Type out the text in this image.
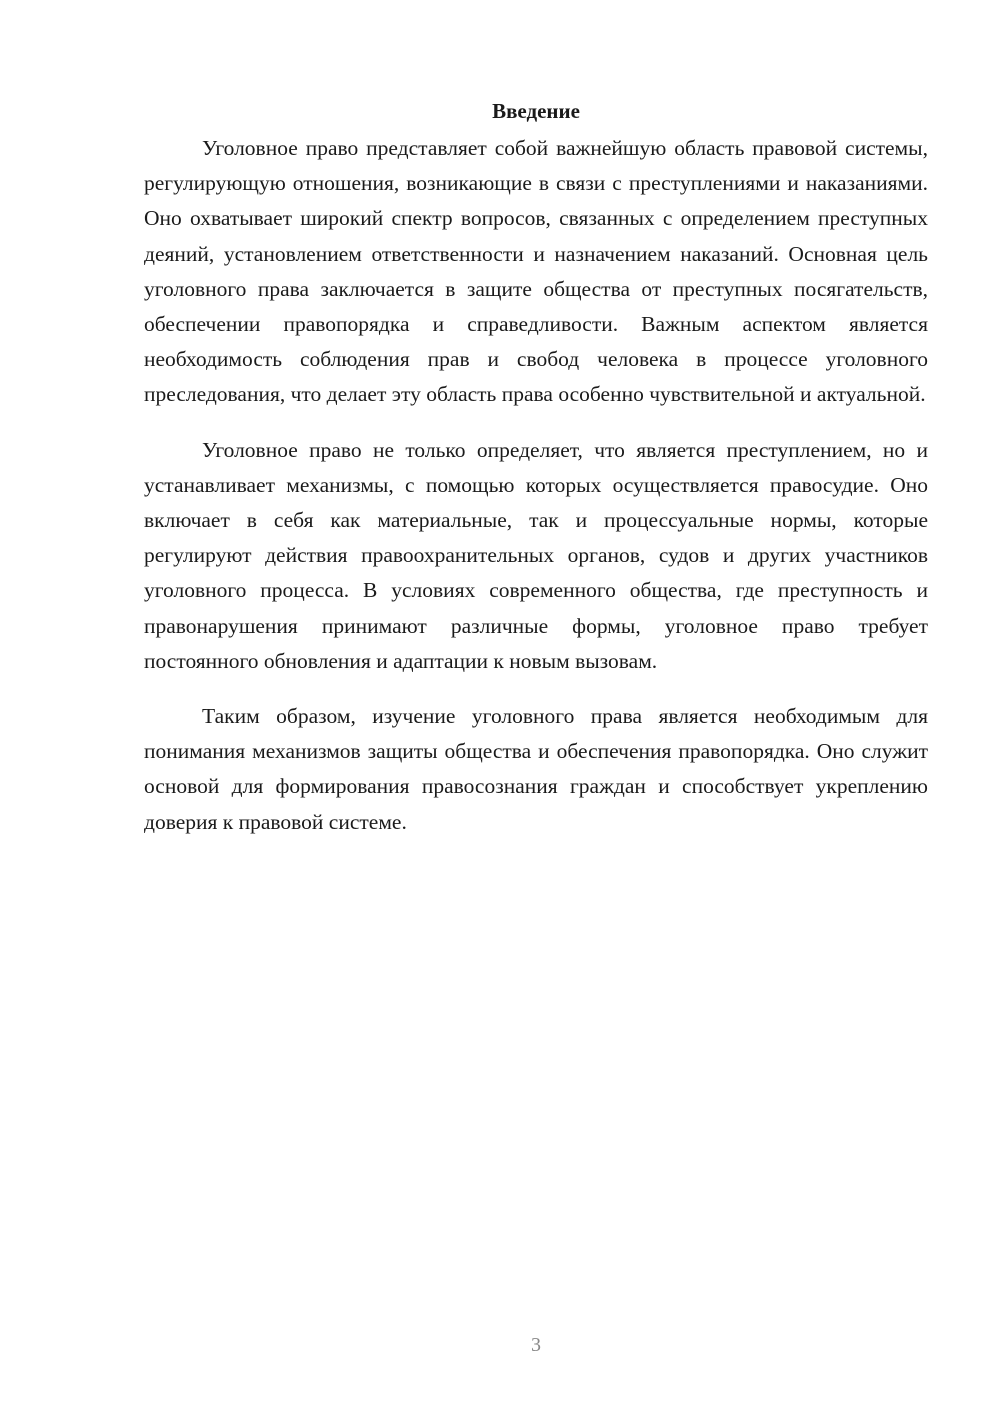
Введение

Уголовное право представляет собой важнейшую область правовой системы, регулирующую отношения, возникающие в связи с преступлениями и наказаниями. Оно охватывает широкий спектр вопросов, связанных с определением преступных деяний, установлением ответственности и назначением наказаний. Основная цель уголовного права заключается в защите общества от преступных посягательств, обеспечении правопорядка и справедливости. Важным аспектом является необходимость соблюдения прав и свобод человека в процессе уголовного преследования, что делает эту область права особенно чувствительной и актуальной.

Уголовное право не только определяет, что является преступлением, но и устанавливает механизмы, с помощью которых осуществляется правосудие. Оно включает в себя как материальные, так и процессуальные нормы, которые регулируют действия правоохранительных органов, судов и других участников уголовного процесса. В условиях современного общества, где преступность и правонарушения принимают различные формы, уголовное право требует постоянного обновления и адаптации к новым вызовам.

Таким образом, изучение уголовного права является необходимым для понимания механизмов защиты общества и обеспечения правопорядка. Оно служит основой для формирования правосознания граждан и способствует укреплению доверия к правовой системе.

3
